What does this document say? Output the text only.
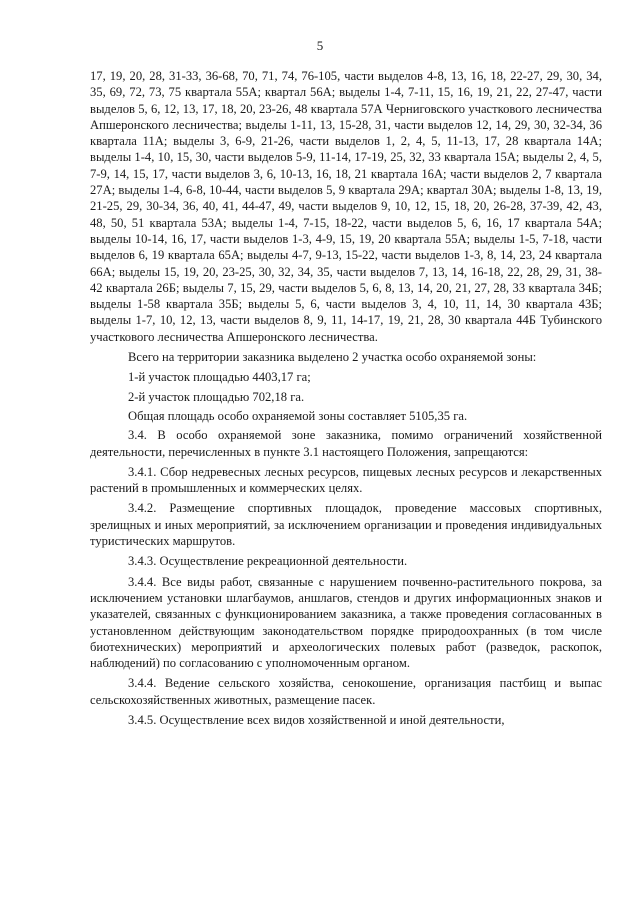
5

17, 19, 20, 28, 31-33, 36-68, 70, 71, 74, 76-105, части выделов 4-8, 13, 16, 18, 22-27, 29, 30, 34, 35, 69, 72, 73, 75 квартала 55А; квартал 56А; выделы 1-4, 7-11, 15, 16, 19, 21, 22, 27-47, части выделов 5, 6, 12, 13, 17, 18, 20, 23-26, 48 квартала 57А Черниговского участкового лесничества Апшеронского лесничества; выделы 1-11, 13, 15-28, 31, части выделов 12, 14, 29, 30, 32-34, 36 квартала 11А; выделы 3, 6-9, 21-26, части выделов 1, 2, 4, 5, 11-13, 17, 28 квартала 14А; выделы 1-4, 10, 15, 30, части выделов 5-9, 11-14, 17-19, 25, 32, 33 квартала 15А; выделы 2, 4, 5, 7-9, 14, 15, 17, части выделов 3, 6, 10-13, 16, 18, 21 квартала 16А; части выделов 2, 7 квартала 27А; выделы 1-4, 6-8, 10-44, части выделов 5, 9 квартала 29А; квартал 30А; выделы 1-8, 13, 19, 21-25, 29, 30-34, 36, 40, 41, 44-47, 49, части выделов 9, 10, 12, 15, 18, 20, 26-28, 37-39, 42, 43, 48, 50, 51 квартала 53А; выделы 1-4, 7-15, 18-22, части выделов 5, 6, 16, 17 квартала 54А; выделы 10-14, 16, 17, части выделов 1-3, 4-9, 15, 19, 20 квартала 55А; выделы 1-5, 7-18, части выделов 6, 19 квартала 65А; выделы 4-7, 9-13, 15-22, части выделов 1-3, 8, 14, 23, 24 квартала 66А; выделы 15, 19, 20, 23-25, 30, 32, 34, 35, части выделов 7, 13, 14, 16-18, 22, 28, 29, 31, 38-42 квартала 26Б; выделы 7, 15, 29, части выделов 5, 6, 8, 13, 14, 20, 21, 27, 28, 33 квартала 34Б; выделы 1-58 квартала 35Б; выделы 5, 6, части выделов 3, 4, 10, 11, 14, 30 квартала 43Б; выделы 1-7, 10, 12, 13, части выделов 8, 9, 11, 14-17, 19, 21, 28, 30 квартала 44Б Тубинского участкового лесничества Апшеронского лесничества.

Всего на территории заказника выделено 2 участка особо охраняемой зоны:

1-й участок площадью 4403,17 га;

2-й участок площадью 702,18 га.

Общая площадь особо охраняемой зоны составляет 5105,35 га.

3.4. В особо охраняемой зоне заказника, помимо ограничений хозяйственной деятельности, перечисленных в пункте 3.1 настоящего Положения, запрещаются:

3.4.1. Сбор недревесных лесных ресурсов, пищевых лесных ресурсов и лекарственных растений в промышленных и коммерческих целях.

3.4.2. Размещение спортивных площадок, проведение массовых спортивных, зрелищных и иных мероприятий, за исключением организации и проведения индивидуальных туристических маршрутов.

3.4.3. Осуществление рекреационной деятельности.

3.4.4. Все виды работ, связанные с нарушением почвенно-растительного покрова, за исключением установки шлагбаумов, аншлагов, стендов и других информационных знаков и указателей, связанных с функционированием заказника, а также проведения согласованных в установленном действующим законодательством порядке природоохранных (в том числе биотехнических) мероприятий и археологических полевых работ (разведок, раскопок, наблюдений) по согласованию с уполномоченным органом.

3.4.4. Ведение сельского хозяйства, сенокошение, организация пастбищ и выпас сельскохозяйственных животных, размещение пасек.

3.4.5. Осуществление всех видов хозяйственной и иной деятельности,
